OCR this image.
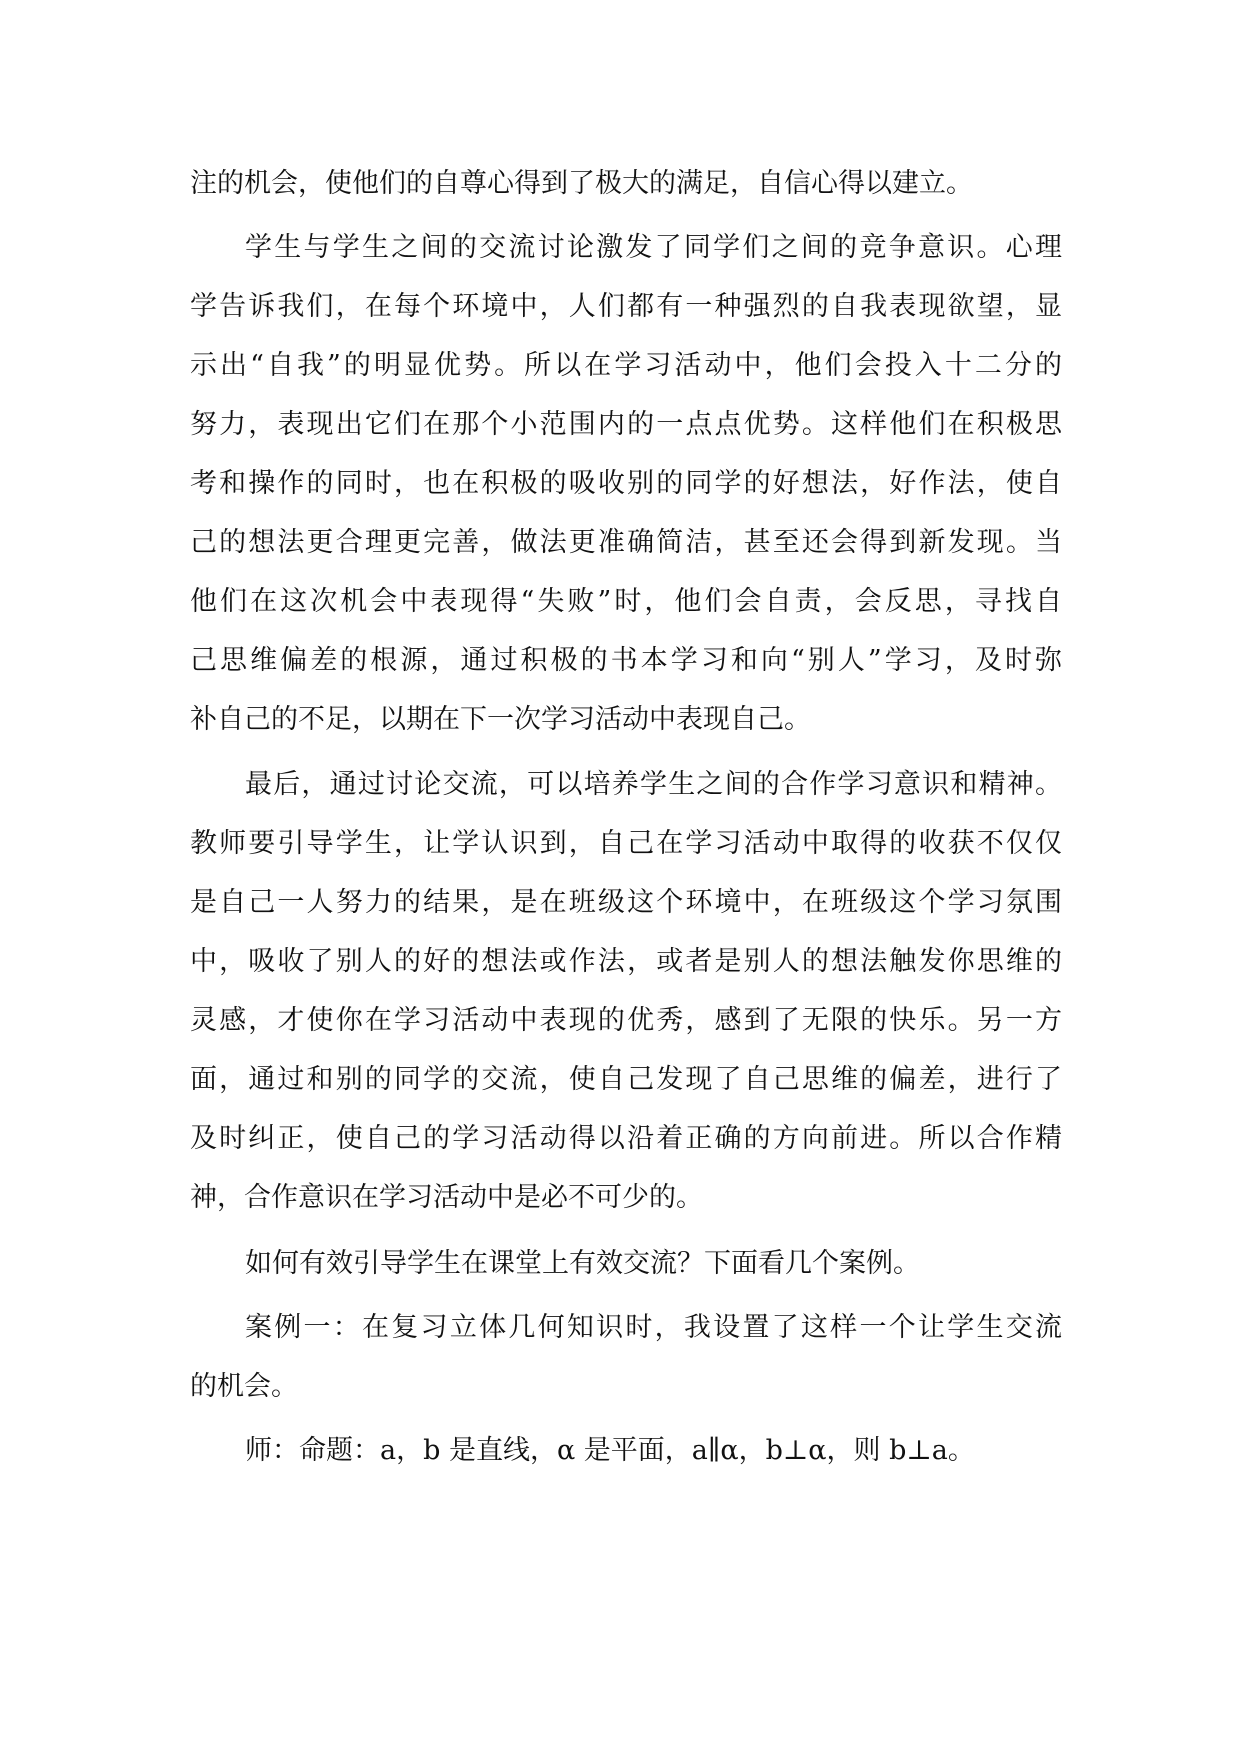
注的机会，使他们的自尊心得到了极大的满足，自信心得以建立。
学生与学生之间的交流讨论激发了同学们之间的竞争意识。心理
学告诉我们，在每个环境中，人们都有一种强烈的自我表现欲望，显
示出“自我”的明显优势。所以在学习活动中，他们会投入十二分的
努力，表现出它们在那个小范围内的一点点优势。这样他们在积极思
考和操作的同时，也在积极的吸收别的同学的好想法，好作法，使自
己的想法更合理更完善，做法更准确简洁，甚至还会得到新发现。当
他们在这次机会中表现得“失败”时，他们会自责，会反思，寻找自
己思维偏差的根源，通过积极的书本学习和向“别人”学习，及时弥
补自己的不足，以期在下一次学习活动中表现自己。
最后，通过讨论交流，可以培养学生之间的合作学习意识和精神。
教师要引导学生，让学认识到，自己在学习活动中取得的收获不仅仅
是自己一人努力的结果，是在班级这个环境中，在班级这个学习氛围
中，吸收了别人的好的想法或作法，或者是别人的想法触发你思维的
灵感，才使你在学习活动中表现的优秀，感到了无限的快乐。另一方
面，通过和别的同学的交流，使自己发现了自己思维的偏差，进行了
及时纠正，使自己的学习活动得以沿着正确的方向前进。所以合作精
神，合作意识在学习活动中是必不可少的。
如何有效引导学生在课堂上有效交流？下面看几个案例。
案例一：在复习立体几何知识时，我设置了这样一个让学生交流
的机会。
师：命题：a，b 是直线，α 是平面，a∥α，b⊥α，则 b⊥a。
